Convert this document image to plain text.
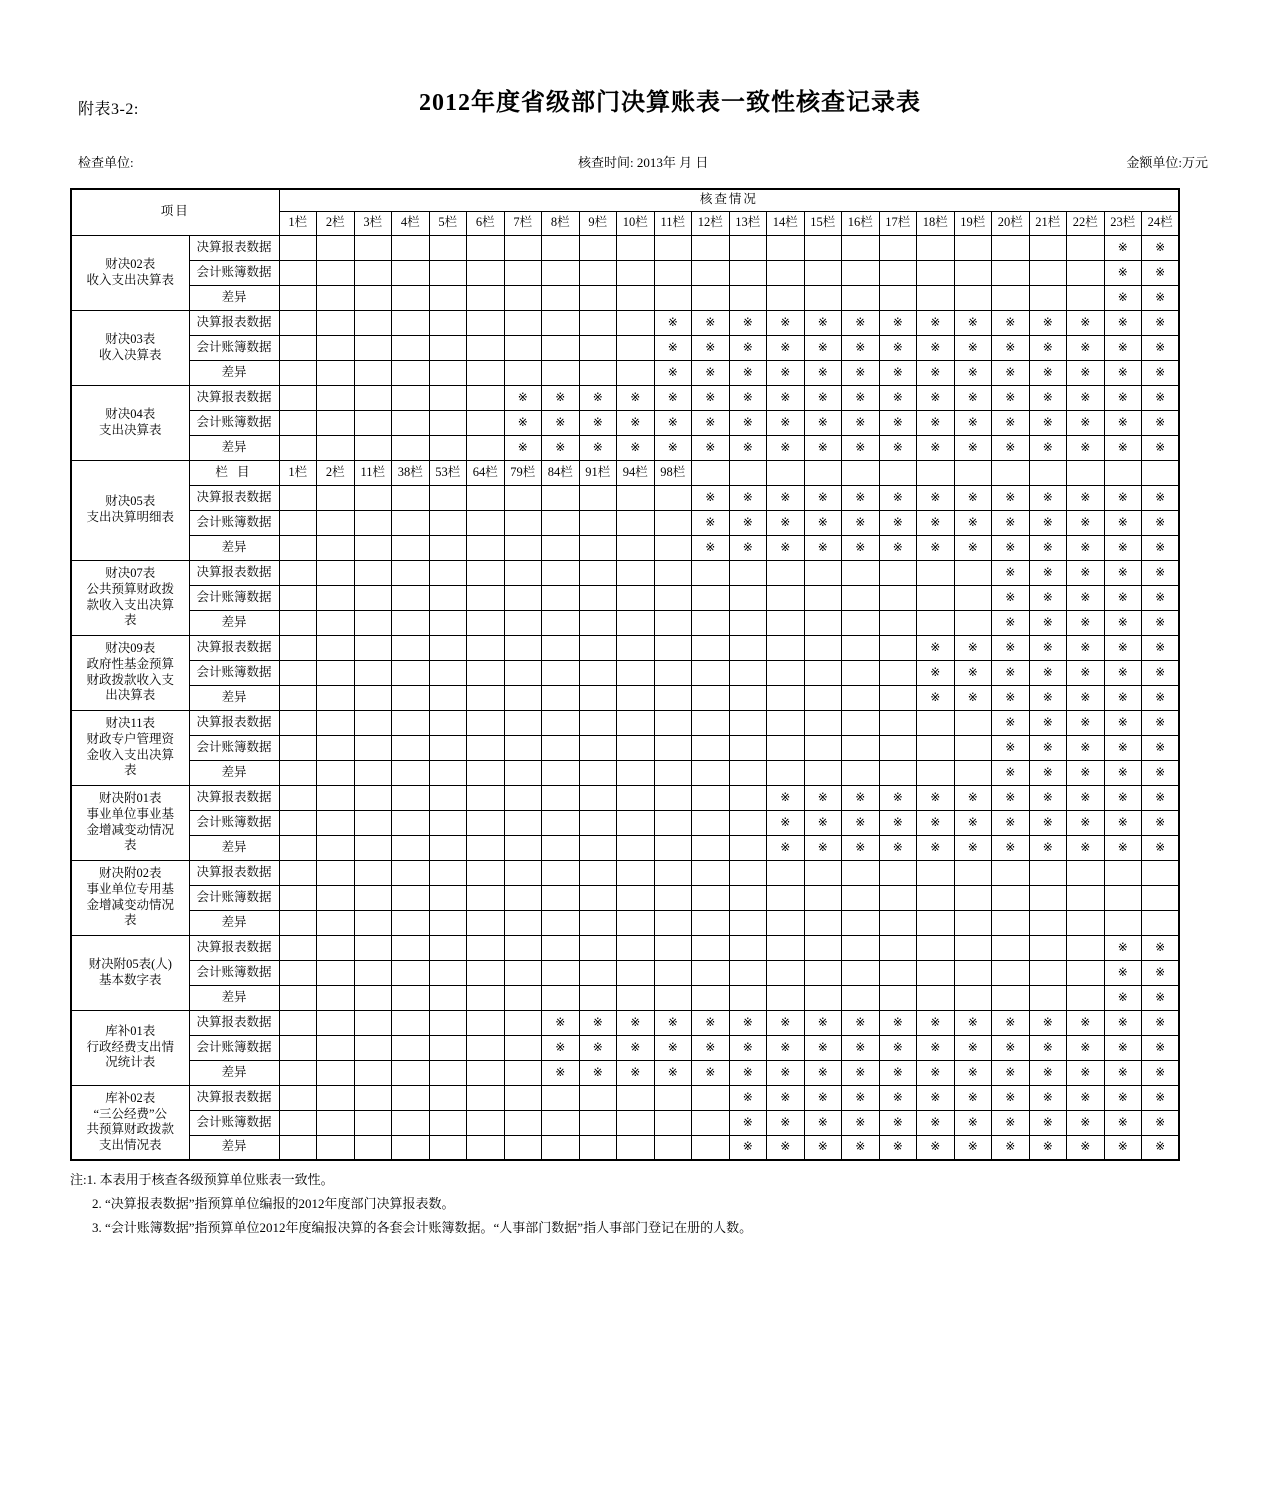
附表3-2:	2012年度省级部门决算账表一致性核查记录表
检查单位:	核查时间: 2013年 月 日	金额单位:万元
项目		核查情况																							
		1栏	2栏	3栏	4栏	5栏	6栏	7栏	8栏	9栏	10栏	11栏	12栏	13栏	14栏	15栏	16栏	17栏	18栏	19栏	20栏	21栏	22栏	23栏	24栏

财决02表
收入支出决算表	决算报表数据																							※	※
	会计账簿数据																							※	※
	差异																							※	※

财决03表
收入决算表	决算报表数据											※	※	※	※	※	※	※	※	※	※	※	※	※	※
	会计账簿数据											※	※	※	※	※	※	※	※	※	※	※	※	※	※
	差异											※	※	※	※	※	※	※	※	※	※	※	※	※	※

财决04表
支出决算表	决算报表数据							※	※	※	※	※	※	※	※	※	※	※	※	※	※	※	※	※	※
	会计账簿数据							※	※	※	※	※	※	※	※	※	※	※	※	※	※	※	※	※	※
	差异							※	※	※	※	※	※	※	※	※	※	※	※	※	※	※	※	※	※

财决05表
支出决算明细表	栏 目	1栏	2栏	11栏	38栏	53栏	64栏	79栏	84栏	91栏	94栏	98栏													
	决算报表数据												※	※	※	※	※	※	※	※	※	※	※	※	※
	会计账簿数据												※	※	※	※	※	※	※	※	※	※	※	※	※
	差异												※	※	※	※	※	※	※	※	※	※	※	※	※

财决07表
公共预算财政拨
款收入支出决算
表	决算报表数据																				※	※	※	※	※
	会计账簿数据																				※	※	※	※	※
	差异																				※	※	※	※	※

财决09表
政府性基金预算
财政拨款收入支
出决算表	决算报表数据																		※	※	※	※	※	※	※
	会计账簿数据																		※	※	※	※	※	※	※
	差异																		※	※	※	※	※	※	※

财决11表
财政专户管理资
金收入支出决算
表	决算报表数据																				※	※	※	※	※
	会计账簿数据																				※	※	※	※	※
	差异																				※	※	※	※	※

财决附01表
事业单位事业基
金增减变动情况
表	决算报表数据														※	※	※	※	※	※	※	※	※	※	※
	会计账簿数据														※	※	※	※	※	※	※	※	※	※	※
	差异														※	※	※	※	※	※	※	※	※	※	※

财决附02表
事业单位专用基
金增减变动情况
表	决算报表数据																								
	会计账簿数据																								
	差异																								

财决附05表(人)
基本数字表	决算报表数据																							※	※
	会计账簿数据																							※	※
	差异																							※	※

库补01表
行政经费支出情
况统计表	决算报表数据								※	※	※	※	※	※	※	※	※	※	※	※	※	※	※	※	※
	会计账簿数据								※	※	※	※	※	※	※	※	※	※	※	※	※	※	※	※	※
	差异								※	※	※	※	※	※	※	※	※	※	※	※	※	※	※	※	※

库补02表
“三公经费”公
共预算财政拨款
支出情况表	决算报表数据													※	※	※	※	※	※	※	※	※	※	※	※
	会计账簿数据													※	※	※	※	※	※	※	※	※	※	※	※
	差异													※	※	※	※	※	※	※	※	※	※	※	※
注:1. 本表用于核查各级预算单位账表一致性。
2. “决算报表数据”指预算单位编报的2012年度部门决算报表数。
3. “会计账簿数据”指预算单位2012年度编报决算的各套会计账簿数据。“人事部门数据”指人事部门登记在册的人数。
